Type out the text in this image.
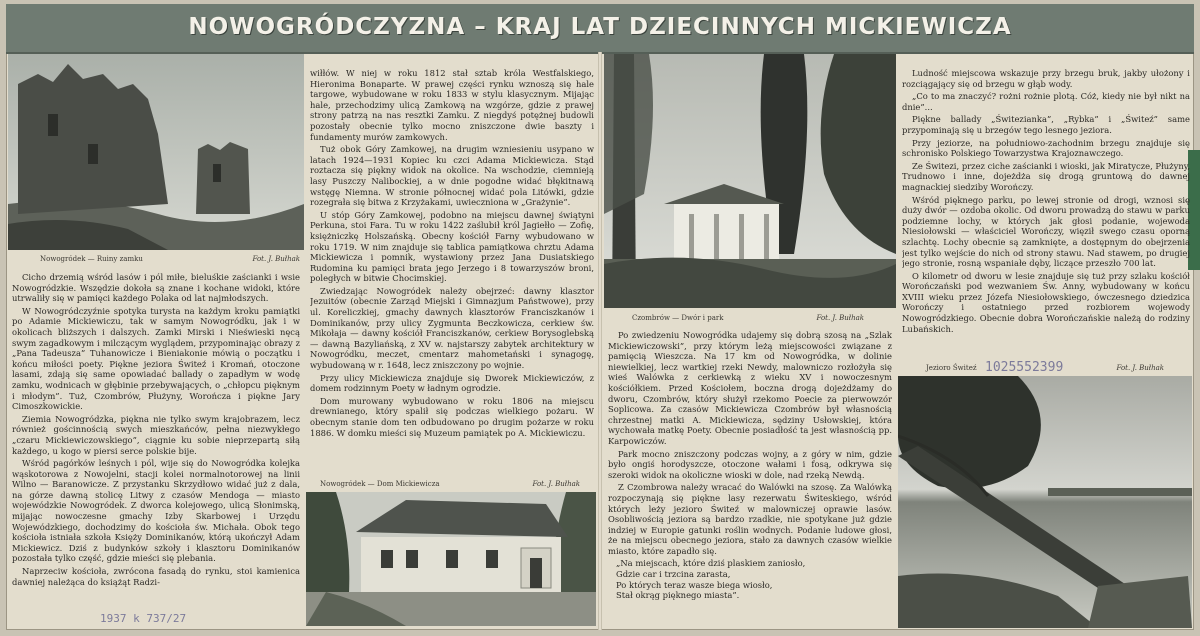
NOWOGRÓDCZYZNA – KRAJ LAT DZIECINNYCH MICKIEWICZA
Nowogródek — Ruiny zamku	Fot. J. Bułhak

Cicho drzemią wśród lasów i pól miłe, bieluśkie zaścianki i wsie Nowogródzkie. Wszędzie dokoła są znane i kochane widoki, które utrwaliły się w pamięci każdego Polaka od lat najmłodszych.

W Nowogródczyźnie spotyka turysta na każdym kroku pamiątki po Adamie Mickiewiczu, tak w samym Nowogródku, jak i w okolicach bliższych i dalszych. Zamki Mirski i Nieświeski nęcą swym zagadkowym i milczącym wyglądem, przypominając obrazy z „Pana Tadeusza” Tuhanowicze i Bieniakonie mówią o początku i końcu miłości poety. Piękne jeziora Świteź i Kromań, otoczone lasami, zdają się same opowiadać ballady o zapadłym w wodę zamku, wodnicach w głębinie przebywających, o „chłopcu pięknym i młodym”. Tuż, Czombrów, Płużyny, Worończa i piękne Jary Cimoszkowickie.

Ziemia Nowogródzka, piękna nie tylko swym krajobrazem, lecz również gościnnością swych mieszkańców, pełna niezwykłego „czaru Mickiewiczowskiego”, ciągnie ku sobie nieprzepartą siłą każdego, u kogo w piersi serce polskie bije.

Wśród pagórków leśnych i pól, wije się do Nowogródka kolejka wąskotorowa z Nowojelni, stacji kolei normalnotorowej na linii Wilno — Baranowicze. Z przystanku Skrzydłowo widać już z dala, na górze dawną stolicę Litwy z czasów Mendoga — miasto wojewódzkie Nowogródek. Z dworca kolejowego, ulicą Słonimską, mijając nowoczesne gmachy Izby Skarbowej i Urzędu Wojewódzkiego, dochodzimy do kościoła św. Michała. Obok tego kościoła istniała szkoła Księży Dominikanów, którą ukończył Adam Mickiewicz. Dziś z budynków szkoły i klasztoru Dominikanów pozostała tylko część, gdzie mieści się plebania.

Naprzeciw kościoła, zwrócona fasadą do rynku, stoi kamienica dawniej należąca do książąt Radzi-

1937 k 737/27

wiłłów. W niej w roku 1812 stał sztab króla Westfalskiego, Hieronima Bonaparte. W prawej części rynku wznoszą się hale targowe, wybudowane w roku 1833 w stylu klasycznym. Mijając hale, przechodzimy ulicą Zamkową na wzgórze, gdzie z prawej strony patrzą na nas resztki Zamku. Z niegdyś potężnej budowli pozostały obecnie tylko mocno zniszczone dwie baszty i fundamenty murów zamkowych.

Tuż obok Góry Zamkowej, na drugim wzniesieniu usypano w latach 1924—1931 Kopiec ku czci Adama Mickiewicza. Stąd roztacza się piękny widok na okolice. Na wschodzie, ciemnieją lasy Puszczy Nalibockiej, a w dnie pogodne widać błękitnawą wstęgę Niemna. W stronie północnej widać pola Litówki, gdzie rozegrała się bitwa z Krzyżakami, uwieczniona w „Grażynie”.

U stóp Góry Zamkowej, podobno na miejscu dawnej świątyni Perkuna, stoi Fara. Tu w roku 1422 zaślubił król Jagiełło — Zofię, księżniczkę Holszańską. Obecny kościół Farny wybudowano w roku 1719. W nim znajduje się tablica pamiątkowa chrztu Adama Mickiewicza i pomnik, wystawiony przez Jana Dusiatskiego Rudomina ku pamięci brata jego Jerzego i 8 towarzyszów broni, poległych w bitwie Chocimskiej.

Zwiedzając Nowogródek należy obejrzeć: dawny klasztor Jezuitów (obecnie Zarząd Miejski i Gimnazjum Państwowe), przy ul. Koreliczkiej, gmachy dawnych klasztorów Franciszkanów i Dominikanów, przy ulicy Zygmunta Beczkowicza, cerkiew św. Mikołaja — dawny kościół Franciszkanów, cerkiew Borysoglebską — dawną Bazyliańską, z XV w. najstarszy zabytek architektury w Nowogródku, meczet, cmentarz mahometański i synagogę, wybudowaną w r. 1648, lecz zniszczony po wojnie.

Przy ulicy Mickiewicza znajduje się Dworek Mickiewiczów, z domem rodzinnym Poety w ładnym ogrodzie.

Dom murowany wybudowano w roku 1806 na miejscu drewnianego, który spalił się podczas wielkiego pożaru. W obecnym stanie dom ten odbudowano po drugim pożarze w roku 1886. W domku mieści się Muzeum pamiątek po A. Mickiewiczu.

Nowogródek — Dom Mickiewicza	Fot. J. Bułhak
Czombrów — Dwór i park	Fot. J. Bułhak

Po zwiedzeniu Nowogródka udajemy się dobrą szosą na „Szlak Mickiewiczowski”, przy którym leżą miejscowości związane z pamięcią Wieszcza. Na 17 km od Nowogródka, w dolinie niewielkiej, lecz wartkiej rzeki Newdy, malowniczo rozłożyła się wieś Walówka z cerkiewką z wieku XV i nowoczesnym kościółkiem. Przed Kościołem, boczna drogą dojeżdżamy do dworu, Czombrów, który służył rzekomo Poecie za pierwowzór Soplicowa. Za czasów Mickiewicza Czombrów był własnością chrzestnej matki A. Mickiewicza, sędziny Usłowskiej, która wychowała matkę Poety. Obecnie posiadłość ta jest własnością pp. Karpowiczów.

Park mocno zniszczony podczas wojny, a z góry w nim, gdzie było ongiś horodyszcze, otoczone wałami i fosą, odkrywa się szeroki widok na okoliczne wioski w dole, nad rzeką Newdą.

Z Czombrowa należy wracać do Walówki na szosę. Za Walówką rozpoczynają się piękne lasy rezerwatu Świteskiego, wśród których leży jezioro Świteź w malowniczej oprawie lasów. Osobliwością jeziora są bardzo rzadkie, nie spotykane już gdzie indziej w Europie gatunki roślin wodnych. Podanie ludowe głosi, że na miejscu obecnego jeziora, stało za dawnych czasów wielkie miasto, które zapadło się.

„Na miejscach, które dziś plaskiem zaniosło,

Gdzie car i trzcina zarasta,

Po których teraz wasze biega wiosło,

Stał okrąg pięknego miasta”.

Ludność miejscowa wskazuje przy brzegu bruk, jakby ułożony i rozciągający się od brzegu w głąb wody.

„Co to ma znaczyć? rożni rożnie plotą. Cóż, kiedy nie był nikt na dnie”...

Piękne ballady „Świtezianka”, „Rybka” i „Świteź” same przypominają się u brzegów tego lesnego jeziora.

Przy jeziorze, na południowo-zachodnim brzegu znajduje się schronisko Polskiego Towarzystwa Krajoznawczego.

Ze Świtezi, przez ciche zaścianki i wioski, jak Miratycze, Płużyny, Trudnowo i inne, dojeżdża się drogą gruntową do dawnej magnackiej siedziby Worończy.

Wśród pięknego parku, po lewej stronie od drogi, wznosi się duży dwór — ozdoba okolic. Od dworu prowadzą do stawu w parku podziemne lochy, w których jak głosi podanie, wojewoda Niesiołowski — właściciel Worończy, więził swego czasu oporną szlachtę. Lochy obecnie są zamknięte, a dostępnym do obejrzenia jest tylko wejście do nich od strony stawu. Nad stawem, po drugiej jego stronie, rosną wspaniałe dęby, liczące przeszło 700 lat.

O kilometr od dworu w lesie znajduje się tuż przy szlaku kościół Worończański pod wezwaniem Św. Anny, wybudowany w końcu XVIII wieku przez Józefa Niesiołowskiego, ówczesnego dziedzica Worończy i ostatniego przed rozbiorem wojewody Nowogródzkiego. Obecnie dobra Worończańskie należą do rodziny Lubańskich.

Jezioro Świteź	Fot. J. Bułhak
1025552399
